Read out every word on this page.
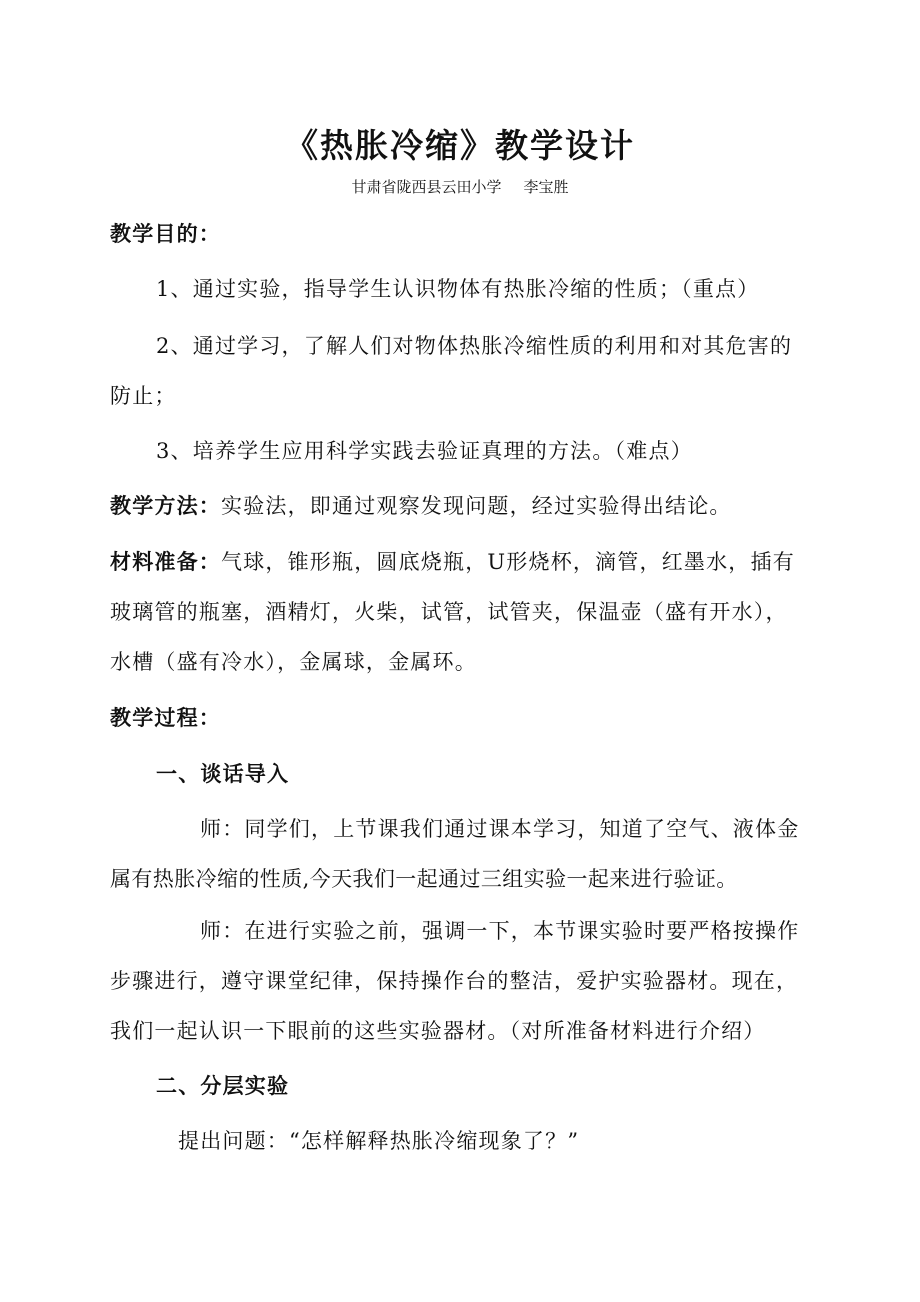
《热胀冷缩》教学设计
甘肃省陇西县云田小学 李宝胜
教学目的：
1、通过实验，指导学生认识物体有热胀冷缩的性质；（重点）
2、通过学习，了解人们对物体热胀冷缩性质的利用和对其危害的
防止；
3、培养学生应用科学实践去验证真理的方法。（难点）
教学方法：实验法，即通过观察发现问题，经过实验得出结论。
材料准备：气球，锥形瓶，圆底烧瓶，U形烧杯，滴管，红墨水，插有
玻璃管的瓶塞，酒精灯，火柴，试管，试管夹，保温壶（盛有开水），
水槽（盛有冷水），金属球，金属环。
教学过程：
一、谈话导入
师：同学们，上节课我们通过课本学习，知道了空气、液体金
属有热胀冷缩的性质,今天我们一起通过三组实验一起来进行验证。
师：在进行实验之前，强调一下，本节课实验时要严格按操作
步骤进行，遵守课堂纪律，保持操作台的整洁，爱护实验器材。现在，
我们一起认识一下眼前的这些实验器材。（对所准备材料进行介绍）
二、分层实验
提出问题：“怎样解释热胀冷缩现象了？”
